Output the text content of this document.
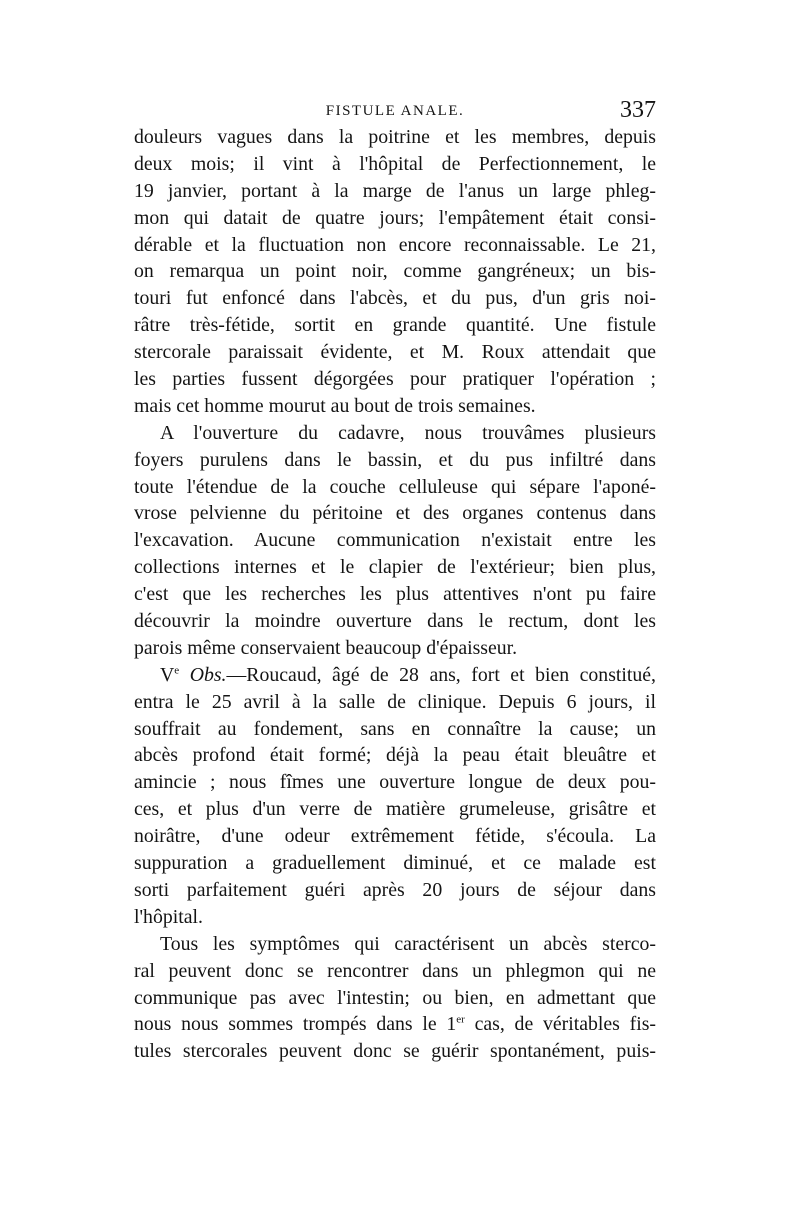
FISTULE ANALE.	337
douleurs vagues dans la poitrine et les membres, depuis
deux mois; il vint à l'hôpital de Perfectionnement, le
19 janvier, portant à la marge de l'anus un large phleg-
mon qui datait de quatre jours; l'empâtement était consi-
dérable et la fluctuation non encore reconnaissable. Le 21,
on remarqua un point noir, comme gangréneux; un bis-
touri fut enfoncé dans l'abcès, et du pus, d'un gris noi-
râtre très-fétide, sortit en grande quantité. Une fistule
stercorale paraissait évidente, et M. Roux attendait que
les parties fussent dégorgées pour pratiquer l'opération ;
mais cet homme mourut au bout de trois semaines.
A l'ouverture du cadavre, nous trouvâmes plusieurs
foyers purulens dans le bassin, et du pus infiltré dans
toute l'étendue de la couche celluleuse qui sépare l'aponé-
vrose pelvienne du péritoine et des organes contenus dans
l'excavation. Aucune communication n'existait entre les
collections internes et le clapier de l'extérieur; bien plus,
c'est que les recherches les plus attentives n'ont pu faire
découvrir la moindre ouverture dans le rectum, dont les
parois même conservaient beaucoup d'épaisseur.
Ve Obs.—Roucaud, âgé de 28 ans, fort et bien constitué,
entra le 25 avril à la salle de clinique. Depuis 6 jours, il
souffrait au fondement, sans en connaître la cause; un
abcès profond était formé; déjà la peau était bleuâtre et
amincie ; nous fîmes une ouverture longue de deux pou-
ces, et plus d'un verre de matière grumeleuse, grisâtre et
noirâtre, d'une odeur extrêmement fétide, s'écoula. La
suppuration a graduellement diminué, et ce malade est
sorti parfaitement guéri après 20 jours de séjour dans
l'hôpital.
Tous les symptômes qui caractérisent un abcès sterco-
ral peuvent donc se rencontrer dans un phlegmon qui ne
communique pas avec l'intestin; ou bien, en admettant que
nous nous sommes trompés dans le 1er cas, de véritables fis-
tules stercorales peuvent donc se guérir spontanément, puis-
